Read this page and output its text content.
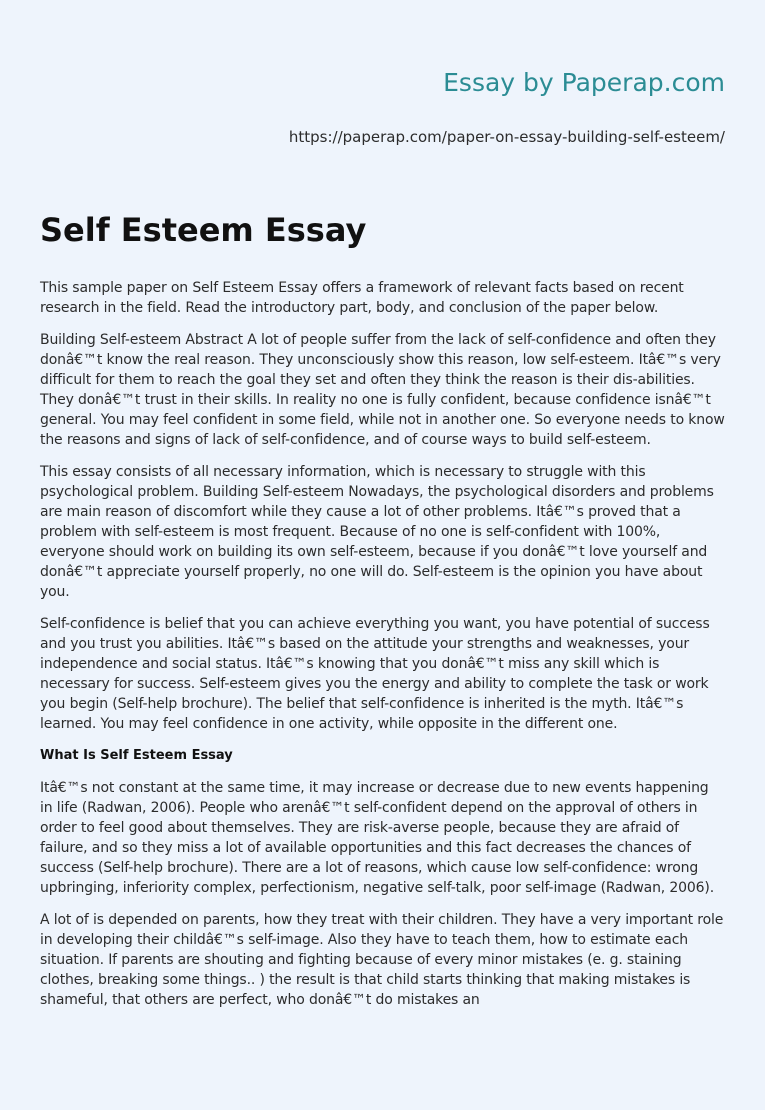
Essay by Paperap.com
https://paperap.com/paper-on-essay-building-self-esteem/
Self Esteem Essay

This sample paper on Self Esteem Essay offers a framework of relevant facts based on recent research in the field. Read the introductory part, body, and conclusion of the paper below.

Building Self-esteem Abstract A lot of people suffer from the lack of self-confidence and often they donâ€™t know the real reason. They unconsciously show this reason, low self-esteem. Itâ€™s very difficult for them to reach the goal they set and often they think the reason is their dis-abilities. They donâ€™t trust in their skills. In reality no one is fully confident, because confidence isnâ€™t general. You may feel confident in some field, while not in another one. So everyone needs to know the reasons and signs of lack of self-confidence, and of course ways to build self-esteem.

This essay consists of all necessary information, which is necessary to struggle with this psychological problem. Building Self-esteem Nowadays, the psychological disorders and problems are main reason of discomfort while they cause a lot of other problems. Itâ€™s proved that a problem with self-esteem is most frequent. Because of no one is self-confident with 100%, everyone should work on building its own self-esteem, because if you donâ€™t love yourself and donâ€™t appreciate yourself properly, no one will do. Self-esteem is the opinion you have about you.

Self-confidence is belief that you can achieve everything you want, you have potential of success and you trust you abilities. Itâ€™s based on the attitude your strengths and weaknesses, your independence and social status. Itâ€™s knowing that you donâ€™t miss any skill which is necessary for success. Self-esteem gives you the energy and ability to complete the task or work you begin (Self-help brochure). The belief that self-confidence is inherited is the myth. Itâ€™s learned. You may feel confidence in one activity, while opposite in the different one.

What Is Self Esteem Essay

Itâ€™s not constant at the same time, it may increase or decrease due to new events happening in life (Radwan, 2006). People who arenâ€™t self-confident depend on the approval of others in order to feel good about themselves. They are risk-averse people, because they are afraid of failure, and so they miss a lot of available opportunities and this fact decreases the chances of success (Self-help brochure). There are a lot of reasons, which cause low self-confidence: wrong upbringing, inferiority complex, perfectionism, negative self-talk, poor self-image (Radwan, 2006).

A lot of is depended on parents, how they treat with their children. They have a very important role in developing their childâ€™s self-image. Also they have to teach them, how to estimate each situation. If parents are shouting and fighting because of every minor mistakes (e. g. staining clothes, breaking some things.. ) the result is that child starts thinking that making mistakes is shameful, that others are perfect, who donâ€™t do mistakes an
